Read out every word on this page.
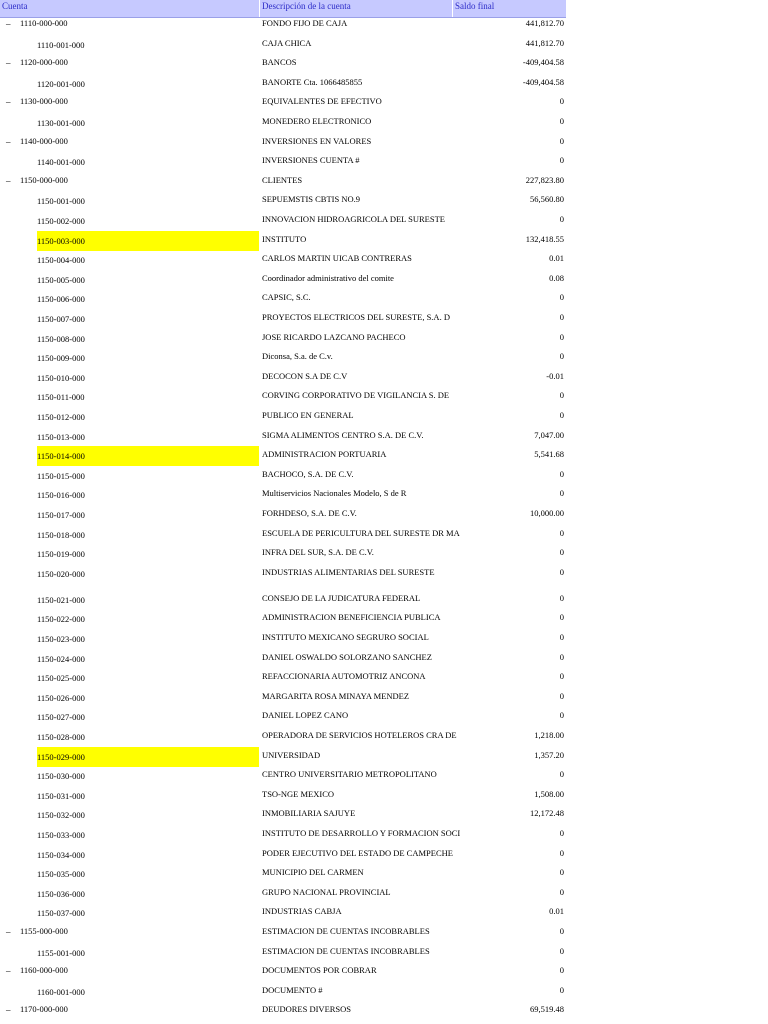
–	1110-000-000	FONDO FIJO DE CAJA	441,812.70
1110-001-000	CAJA CHICA	441,812.70
–	1120-000-000	BANCOS	-409,404.58
1120-001-000	BANORTE Cta. 1066485855	-409,404.58
–	1130-000-000	EQUIVALENTES DE EFECTIVO	0
1130-001-000	MONEDERO ELECTRONICO	0
–	1140-000-000	INVERSIONES EN VALORES	0
1140-001-000	INVERSIONES CUENTA #	0
–	1150-000-000	CLIENTES	227,823.80
1150-001-000	SEPUEMSTIS CBTIS NO.9	56,560.80
1150-002-000	INNOVACION HIDROAGRICOLA DEL SURESTE	0
1150-003-000	INSTITUTO	132,418.55
1150-004-000	CARLOS MARTIN UICAB CONTRERAS	0.01
1150-005-000	Coordinador administrativo del comite	0.08
1150-006-000	CAPSIC, S.C.	0
1150-007-000	PROYECTOS ELECTRICOS DEL SURESTE, S.A. D	0
1150-008-000	JOSE RICARDO LAZCANO PACHECO	0
1150-009-000	Diconsa, S.a. de C.v.	0
1150-010-000	DECOCON S.A DE C.V	-0.01
1150-011-000	CORVING CORPORATIVO DE VIGILANCIA S. DE	0
1150-012-000	PUBLICO EN GENERAL	0
1150-013-000	SIGMA ALIMENTOS CENTRO S.A. DE C.V.	7,047.00
1150-014-000	ADMINISTRACION PORTUARIA	5,541.68
1150-015-000	BACHOCO, S.A. DE C.V.	0
1150-016-000	Multiservicios Nacionales Modelo, S de R	0
1150-017-000	FORHDESO, S.A. DE C.V.	10,000.00
1150-018-000	ESCUELA DE PERICULTURA DEL SURESTE DR MA	0
1150-019-000	INFRA DEL SUR, S.A. DE C.V.	0
1150-020-000	INDUSTRIAS ALIMENTARIAS DEL SURESTE	0
1150-021-000	CONSEJO DE LA JUDICATURA FEDERAL	0
1150-022-000	ADMINISTRACION BENEFICIENCIA PUBLICA	0
1150-023-000	INSTITUTO MEXICANO SEGRURO SOCIAL	0
1150-024-000	DANIEL OSWALDO SOLORZANO SANCHEZ	0
1150-025-000	REFACCIONARIA AUTOMOTRIZ ANCONA	0
1150-026-000	MARGARITA ROSA MINAYA MENDEZ	0
1150-027-000	DANIEL LOPEZ CANO	0
1150-028-000	OPERADORA DE SERVICIOS HOTELEROS CRA DE	1,218.00
1150-029-000	UNIVERSIDAD	1,357.20
1150-030-000	CENTRO UNIVERSITARIO METROPOLITANO	0
1150-031-000	TSO-NGE MEXICO	1,508.00
1150-032-000	INMOBILIARIA SAJUYE	12,172.48
1150-033-000	INSTITUTO DE DESARROLLO Y FORMACION SOCI	0
1150-034-000	PODER EJECUTIVO DEL ESTADO DE CAMPECHE	0
1150-035-000	MUNICIPIO DEL CARMEN	0
1150-036-000	GRUPO NACIONAL PROVINCIAL	0
1150-037-000	INDUSTRIAS CABJA	0.01
–	1155-000-000	ESTIMACION DE CUENTAS INCOBRABLES	0
1155-001-000	ESTIMACION DE CUENTAS INCOBRABLES	0
–	1160-000-000	DOCUMENTOS POR COBRAR	0
1160-001-000	DOCUMENTO #	0
–	1170-000-000	DEUDORES DIVERSOS	69,519.48
Cuenta	Descripción de la cuenta	Saldo final
